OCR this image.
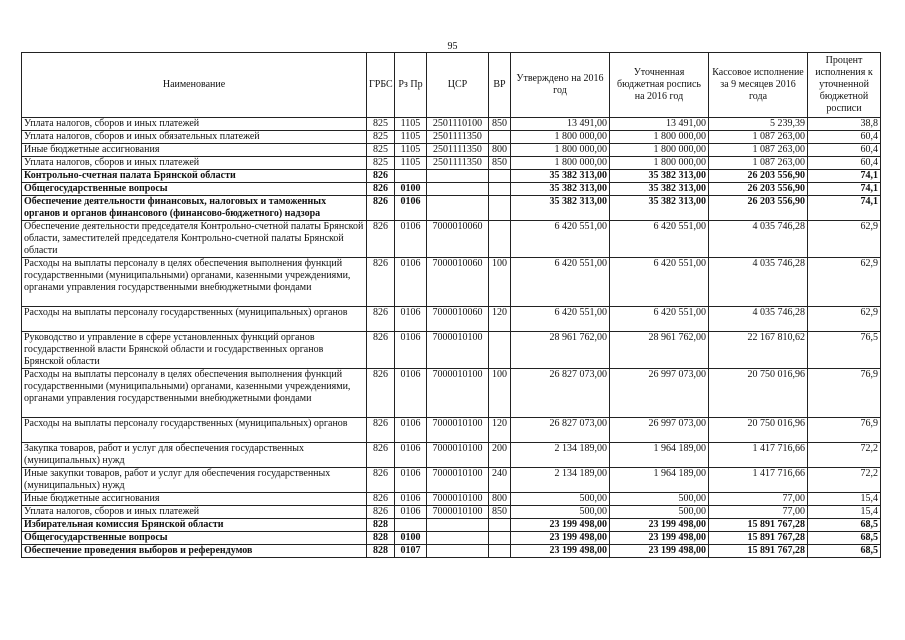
95
Наименование	ГРБС	Рз Пр	ЦСР	ВР	Утверждено на 2016 год	Уточненная бюджетная роспись на 2016 год	Кассовое исполнение за 9 месяцев 2016 года	Процент исполнения к уточненной бюджетной росписи
Уплата налогов, сборов и иных платежей	825	1105	2501110100	850	13 491,00	13 491,00	5 239,39	38,8
Уплата налогов, сборов и иных обязательных платежей	825	1105	2501111350		1 800 000,00	1 800 000,00	1 087 263,00	60,4
Иные бюджетные ассигнования	825	1105	2501111350	800	1 800 000,00	1 800 000,00	1 087 263,00	60,4
Уплата налогов, сборов и иных платежей	825	1105	2501111350	850	1 800 000,00	1 800 000,00	1 087 263,00	60,4
Контрольно-счетная палата Брянской области	826				35 382 313,00	35 382 313,00	26 203 556,90	74,1
Общегосударственные вопросы	826	0100			35 382 313,00	35 382 313,00	26 203 556,90	74,1
Обеспечение деятельности финансовых, налоговых и таможенных органов и органов финансового (финансово-бюджетного) надзора	826	0106			35 382 313,00	35 382 313,00	26 203 556,90	74,1
Обеспечение деятельности председателя Контрольно-счетной палаты Брянской области, заместителей председателя Контрольно-счетной палаты Брянской области	826	0106	7000010060		6 420 551,00	6 420 551,00	4 035 746,28	62,9
Расходы на выплаты персоналу в целях обеспечения выполнения функций государственными (муниципальными) органами, казенными учреждениями, органами управления государственными внебюджетными фондами	826	0106	7000010060	100	6 420 551,00	6 420 551,00	4 035 746,28	62,9
Расходы на выплаты персоналу государственных (муниципальных) органов	826	0106	7000010060	120	6 420 551,00	6 420 551,00	4 035 746,28	62,9
Руководство и управление в сфере установленных функций органов государственной власти Брянской области и государственных органов Брянской области	826	0106	7000010100		28 961 762,00	28 961 762,00	22 167 810,62	76,5
Расходы на выплаты персоналу в целях обеспечения выполнения функций государственными (муниципальными) органами, казенными учреждениями, органами управления государственными внебюджетными фондами	826	0106	7000010100	100	26 827 073,00	26 997 073,00	20 750 016,96	76,9
Расходы на выплаты персоналу государственных (муниципальных) органов	826	0106	7000010100	120	26 827 073,00	26 997 073,00	20 750 016,96	76,9
Закупка товаров, работ и услуг для обеспечения государственных (муниципальных) нужд	826	0106	7000010100	200	2 134 189,00	1 964 189,00	1 417 716,66	72,2
Иные закупки товаров, работ и услуг для обеспечения государственных (муниципальных) нужд	826	0106	7000010100	240	2 134 189,00	1 964 189,00	1 417 716,66	72,2
Иные бюджетные ассигнования	826	0106	7000010100	800	500,00	500,00	77,00	15,4
Уплата налогов, сборов и иных платежей	826	0106	7000010100	850	500,00	500,00	77,00	15,4
Избирательная комиссия Брянской области	828				23 199 498,00	23 199 498,00	15 891 767,28	68,5
Общегосударственные вопросы	828	0100			23 199 498,00	23 199 498,00	15 891 767,28	68,5
Обеспечение проведения выборов и референдумов	828	0107			23 199 498,00	23 199 498,00	15 891 767,28	68,5
